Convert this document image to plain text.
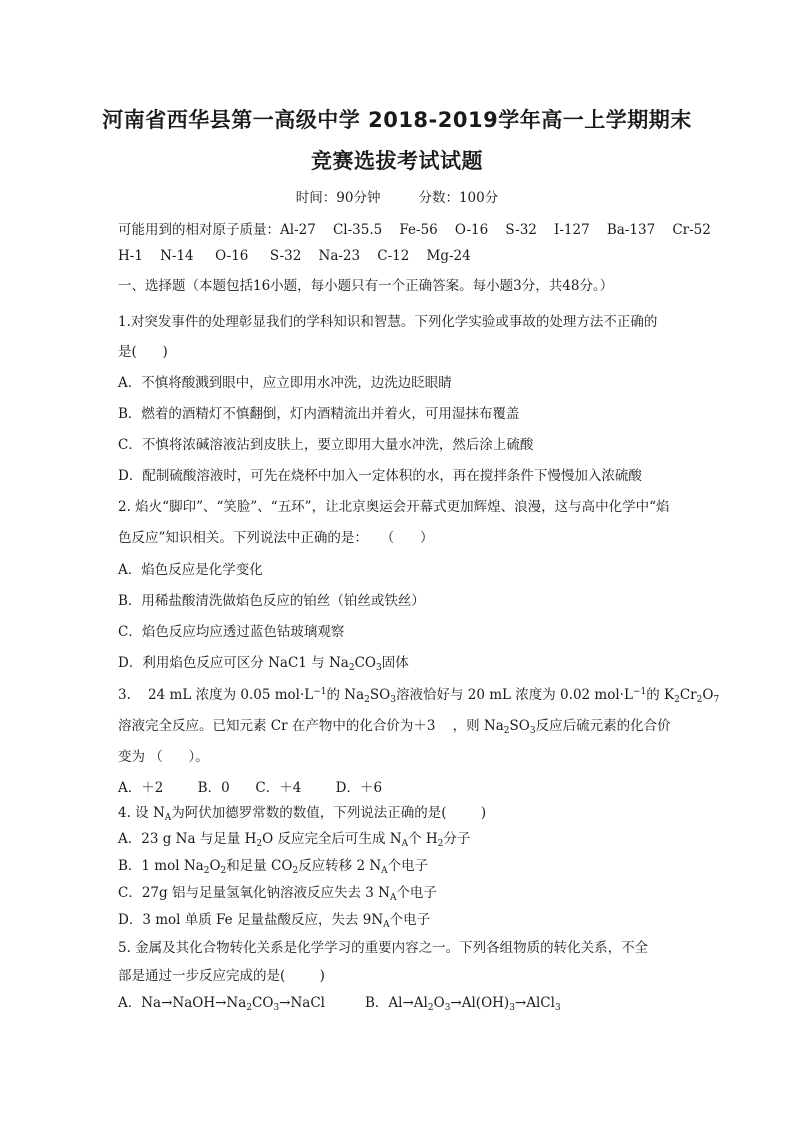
河南省西华县第一高级中学 2018-2019学年高一上学期期末
竞赛选拔考试试题
时间：90分钟	分数：100分
可能用到的相对原子质量：Al-27    Cl-35.5    Fe-56    O-16    S-32    I-127    Ba-137    Cr-52
H-1    N-14     O-16     S-32    Na-23    C-12    Mg-24
一、选择题（本题包括16小题，每小题只有一个正确答案。每小题3分，共48分。）
1.对突发事件的处理彰显我们的学科知识和智慧。下列化学实验或事故的处理方法不正确的
是(      )
A．不慎将酸溅到眼中，应立即用水冲洗，边洗边眨眼睛
B．燃着的酒精灯不慎翻倒，灯内酒精流出并着火，可用湿抹布覆盖
C．不慎将浓碱溶液沾到皮肤上，要立即用大量水冲洗，然后涂上硫酸
D．配制硫酸溶液时，可先在烧杯中加入一定体积的水，再在搅拌条件下慢慢加入浓硫酸
2. 焰火“脚印”、“笑脸”、“五环”，让北京奥运会开幕式更加辉煌、浪漫，这与高中化学中“焰
色反应”知识相关。下列说法中正确的是：   （      ）
A．焰色反应是化学变化
B．用稀盐酸清洗做焰色反应的铂丝（铂丝或铁丝）
C．焰色反应均应透过蓝色钴玻璃观察
D．利用焰色反应可区分 NaC1 与 $Na_2CO_3$固体
3.    24 mL 浓度为 0.05 $mol\cdot L^{-1}$的 $Na_2SO_3$溶液恰好与 20 mL 浓度为 0.02 $mol\cdot L^{-1}$的 $K_2Cr_2O_7$
溶液完全反应。已知元素 Cr 在产物中的化合价为＋3    ，则 $Na_2SO_3$反应后硫元素的化合价
变为 （      ）。
A．＋2        B．0      C．＋4        D．＋6
4. 设 $N_A$为阿伏加德罗常数的数值，下列说法正确的是(        )
A．23 g Na 与足量 $H_2O$ 反应完全后可生成 $N_A$个 $H_2$分子
B．1 mol $Na_2O_2$和足量 $CO_2$反应转移 2 $N_A$个电子
C．27g 铝与足量氢氧化钠溶液反应失去 3 $N_A$个电子
D．3 mol 单质 Fe 足量盐酸反应，失去 $9N_A$个电子
5. 金属及其化合物转化关系是化学学习的重要内容之一。下列各组物质的转化关系，不全
部是通过一步反应完成的是(        )
A．$Na\to NaOH\to Na_2CO_3\to NaCl$	B．$Al\to Al_2O_3\to Al(OH)_3\to AlCl_3$
